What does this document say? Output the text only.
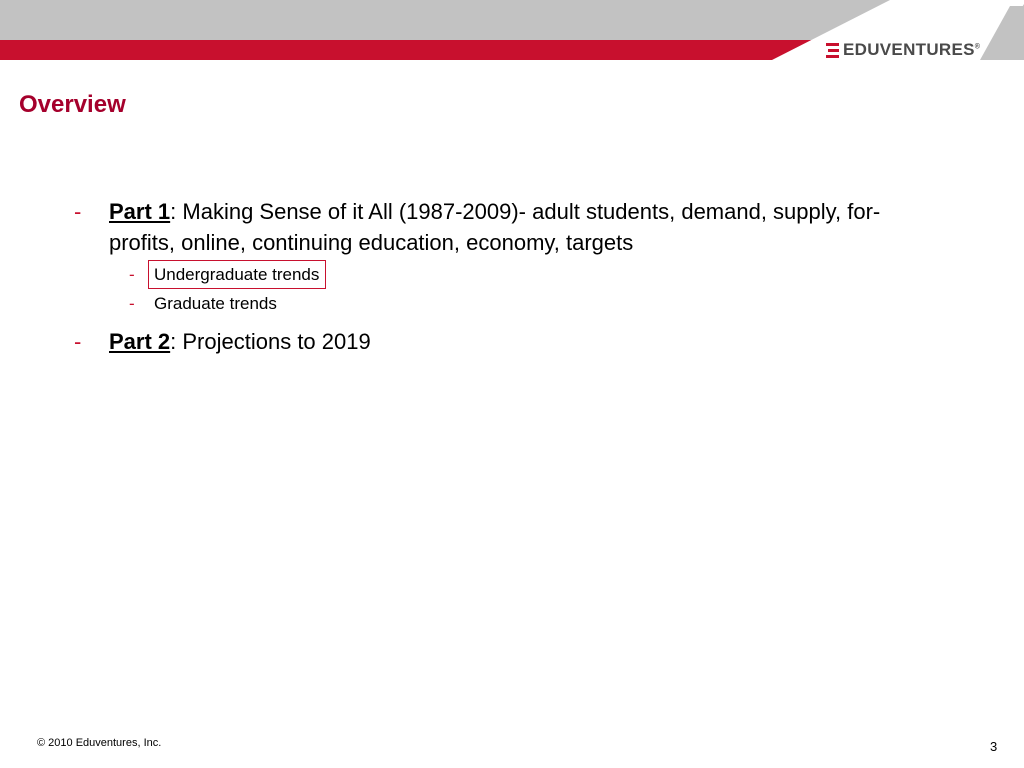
EDUVENTURES®
Overview
- Part 1: Making Sense of it All (1987-2009)- adult students, demand, supply, for-profits, online, continuing education, economy, targets
- Undergraduate trends
- Graduate trends
- Part 2: Projections to 2019
© 2010 Eduventures, Inc.	3
